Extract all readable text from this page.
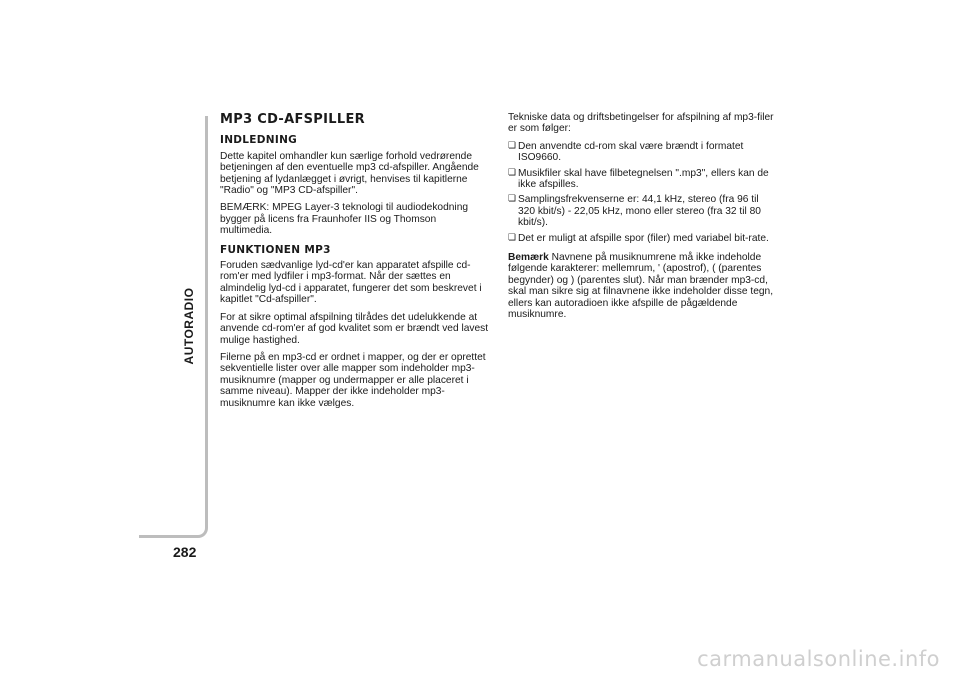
AUTORADIO
282
MP3 CD-AFSPILLER
INDLEDNING

Dette kapitel omhandler kun særlige forhold vedrørende betjeningen af den eventuelle mp3 cd-afspiller. Angående betjening af lydanlægget i øvrigt, henvises til kapitlerne "Radio" og "MP3 CD-afspiller".

BEMÆRK: MPEG Layer-3 teknologi til audiodekodning bygger på licens fra Fraunhofer IIS og Thomson multimedia.

FUNKTIONEN MP3

Foruden sædvanlige lyd-cd'er kan apparatet afspille cd-rom'er med lydfiler i mp3-format. Når der sættes en almindelig lyd-cd i apparatet, fungerer det som beskrevet i kapitlet "Cd-afspiller".

For at sikre optimal afspilning tilrådes det udelukkende at anvende cd-rom'er af god kvalitet som er brændt ved lavest mulige hastighed.

Filerne på en mp3-cd er ordnet i mapper, og der er oprettet sekventielle lister over alle mapper som indeholder mp3-musiknumre (mapper og undermapper er alle placeret i samme niveau). Mapper der ikke indeholder mp3-musiknumre kan ikke vælges.

Tekniske data og driftsbetingelser for afspilning af mp3-filer er som følger:

❏ Den anvendte cd-rom skal være brændt i formatet ISO9660.
❏ Musikfiler skal have filbetegnelsen ".mp3", ellers kan de ikke afspilles.
❏ Samplingsfrekvenserne er: 44,1 kHz, stereo (fra 96 til 320 kbit/s) - 22,05 kHz, mono eller stereo (fra 32 til 80 kbit/s).
❏ Det er muligt at afspille spor (filer) med variabel bit-rate.

Bemærk Navnene på musiknumrene må ikke indeholde følgende karakterer: mellemrum, ' (apostrof), ( (parentes begynder) og ) (parentes slut). Når man brænder mp3-cd, skal man sikre sig at filnavnene ikke indeholder disse tegn, ellers kan autoradioen ikke afspille de pågældende musiknumre.

carmanualsonline.info
